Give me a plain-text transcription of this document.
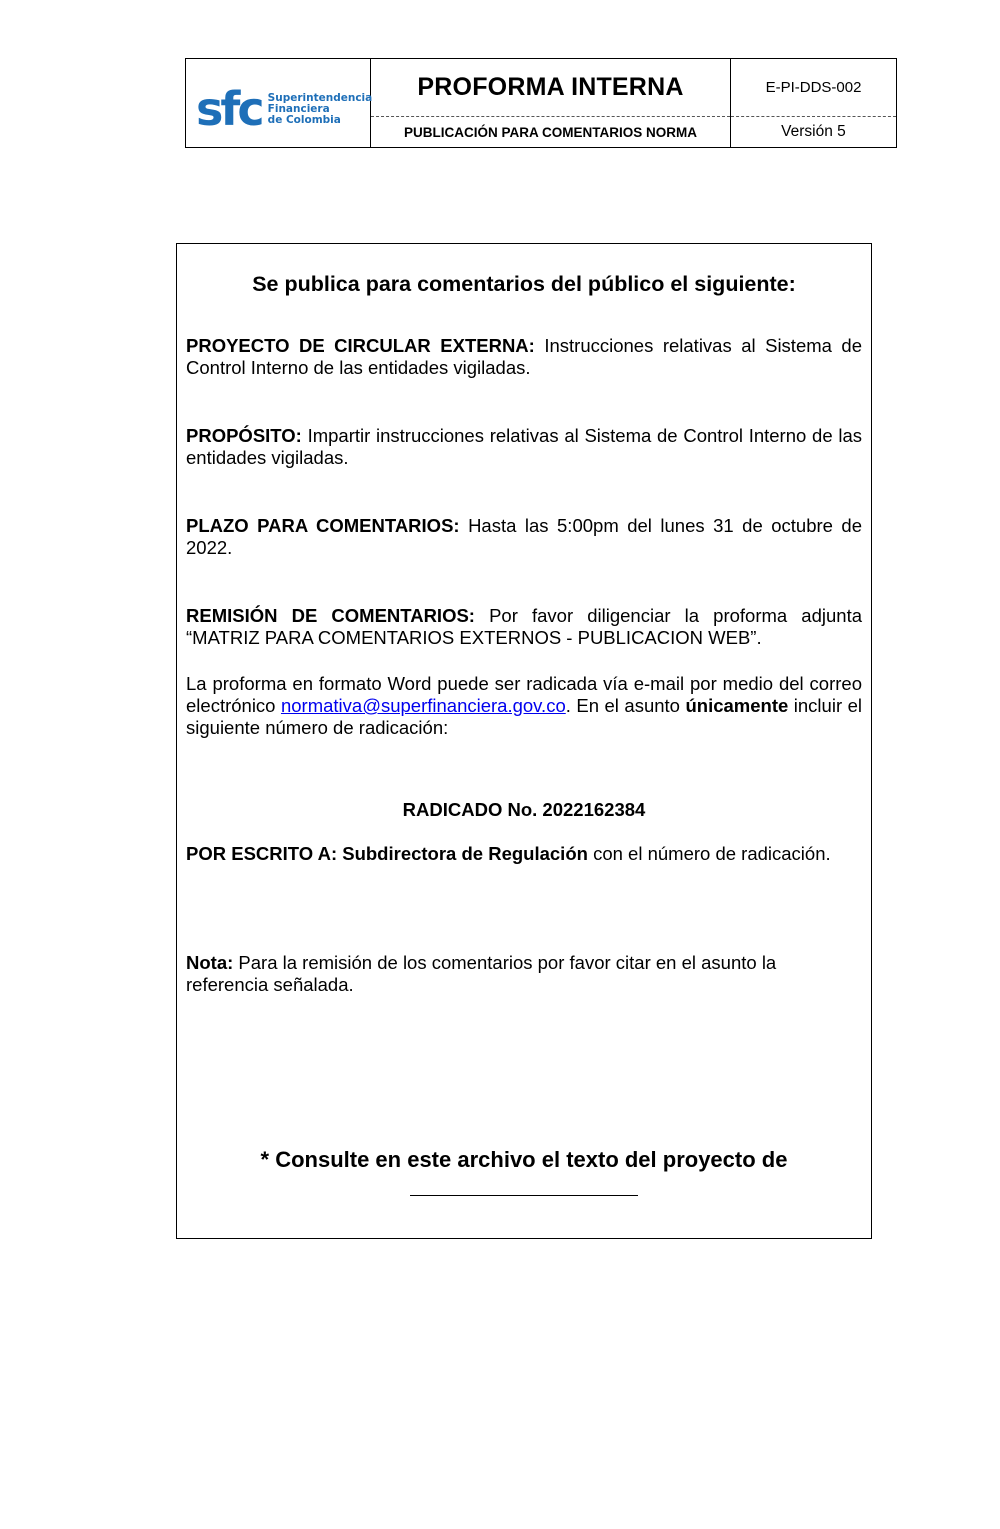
sfc Superintendencia
Financiera
de Colombia
PROFORMA INTERNA
PUBLICACIÓN PARA COMENTARIOS NORMA
E-PI-DDS-002
Versión 5
Se publica para comentarios del público el siguiente:
PROYECTO DE CIRCULAR EXTERNA: Instrucciones relativas al Sistema de Control Interno de las entidades vigiladas.
PROPÓSITO: Impartir instrucciones relativas al Sistema de Control Interno de las entidades vigiladas.
PLAZO PARA COMENTARIOS: Hasta las 5:00pm del lunes 31 de octubre de 2022.
REMISIÓN DE COMENTARIOS: Por favor diligenciar la proforma adjunta “MATRIZ PARA COMENTARIOS EXTERNOS - PUBLICACION WEB”.
La proforma en formato Word puede ser radicada vía e-mail por medio del correo electrónico normativa@superfinanciera.gov.co. En el asunto únicamente incluir el siguiente número de radicación:
RADICADO No. 2022162384
POR ESCRITO A: Subdirectora de Regulación con el número de radicación.
Nota: Para la remisión de los comentarios por favor citar en el asunto la referencia señalada.
* Consulte en este archivo el texto del proyecto de
